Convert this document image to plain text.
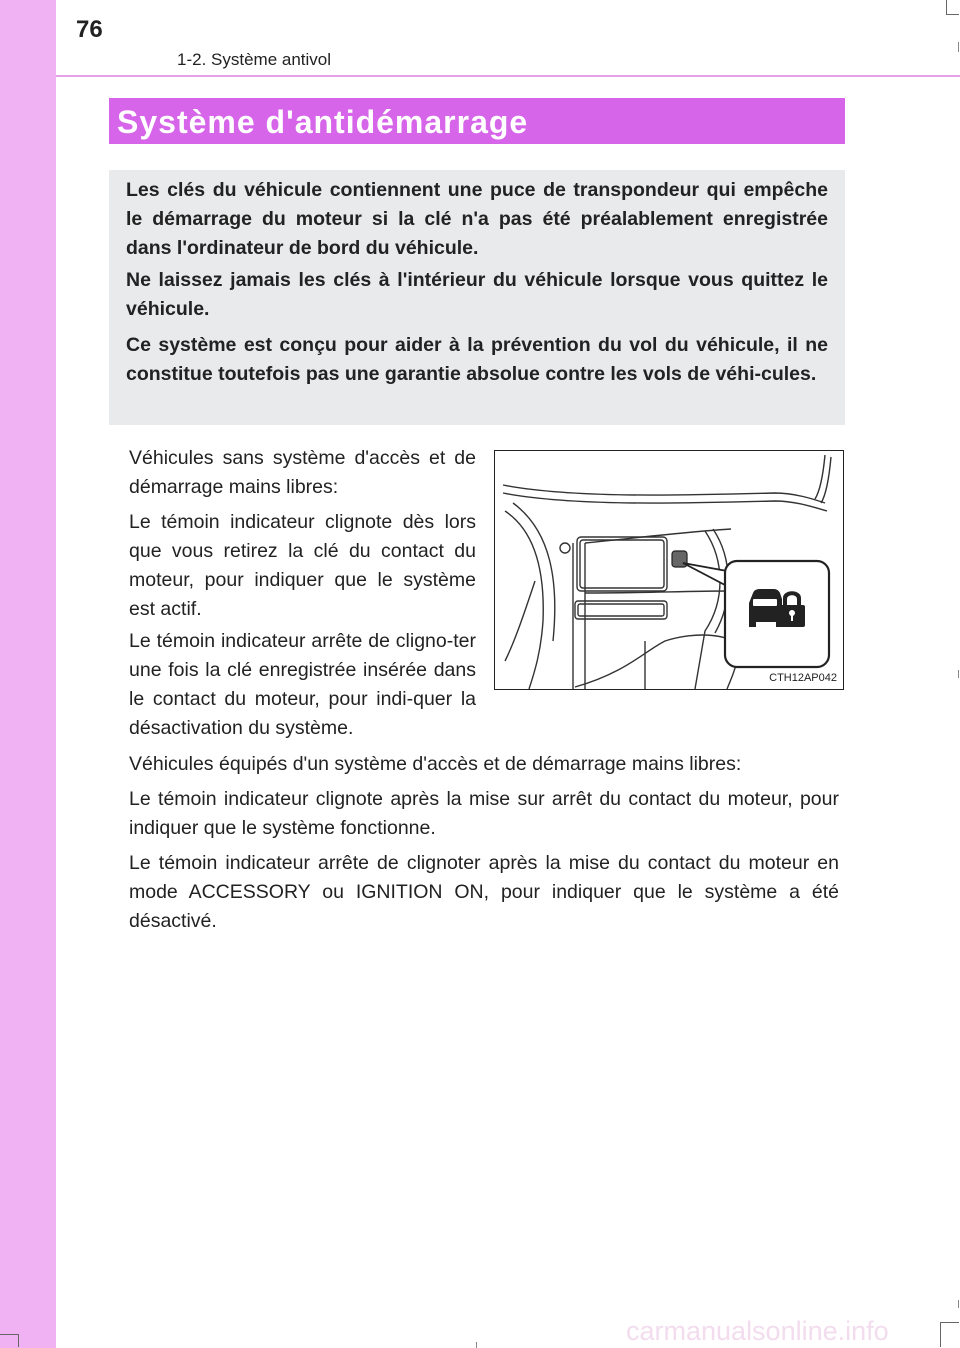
76
1-2. Système antivol
Système d'antidémarrage
Les clés du véhicule contiennent une puce de transpondeur qui empêche le démarrage du moteur si la clé n'a pas été préalablement enregistrée dans l'ordinateur de bord du véhicule.
Ne laissez jamais les clés à l'intérieur du véhicule lorsque vous quittez le véhicule.
Ce système est conçu pour aider à la prévention du vol du véhicule, il ne constitue toutefois pas une garantie absolue contre les vols de véhi-cules.
Véhicules sans système d'accès et de démarrage mains libres:
Le témoin indicateur clignote dès lors que vous retirez la clé du contact du moteur, pour indiquer que le système est actif.
Le témoin indicateur arrête de cligno-ter une fois la clé enregistrée insérée dans le contact du moteur, pour indi-quer la désactivation du système.
Véhicules équipés d'un système d'accès et de démarrage mains libres:
Le témoin indicateur clignote après la mise sur arrêt du contact du moteur, pour indiquer que le système fonctionne.
Le témoin indicateur arrête de clignoter après la mise du contact du moteur en mode ACCESSORY ou IGNITION ON, pour indiquer que le système a été désactivé.
CTH12AP042
carmanualsonline.info
